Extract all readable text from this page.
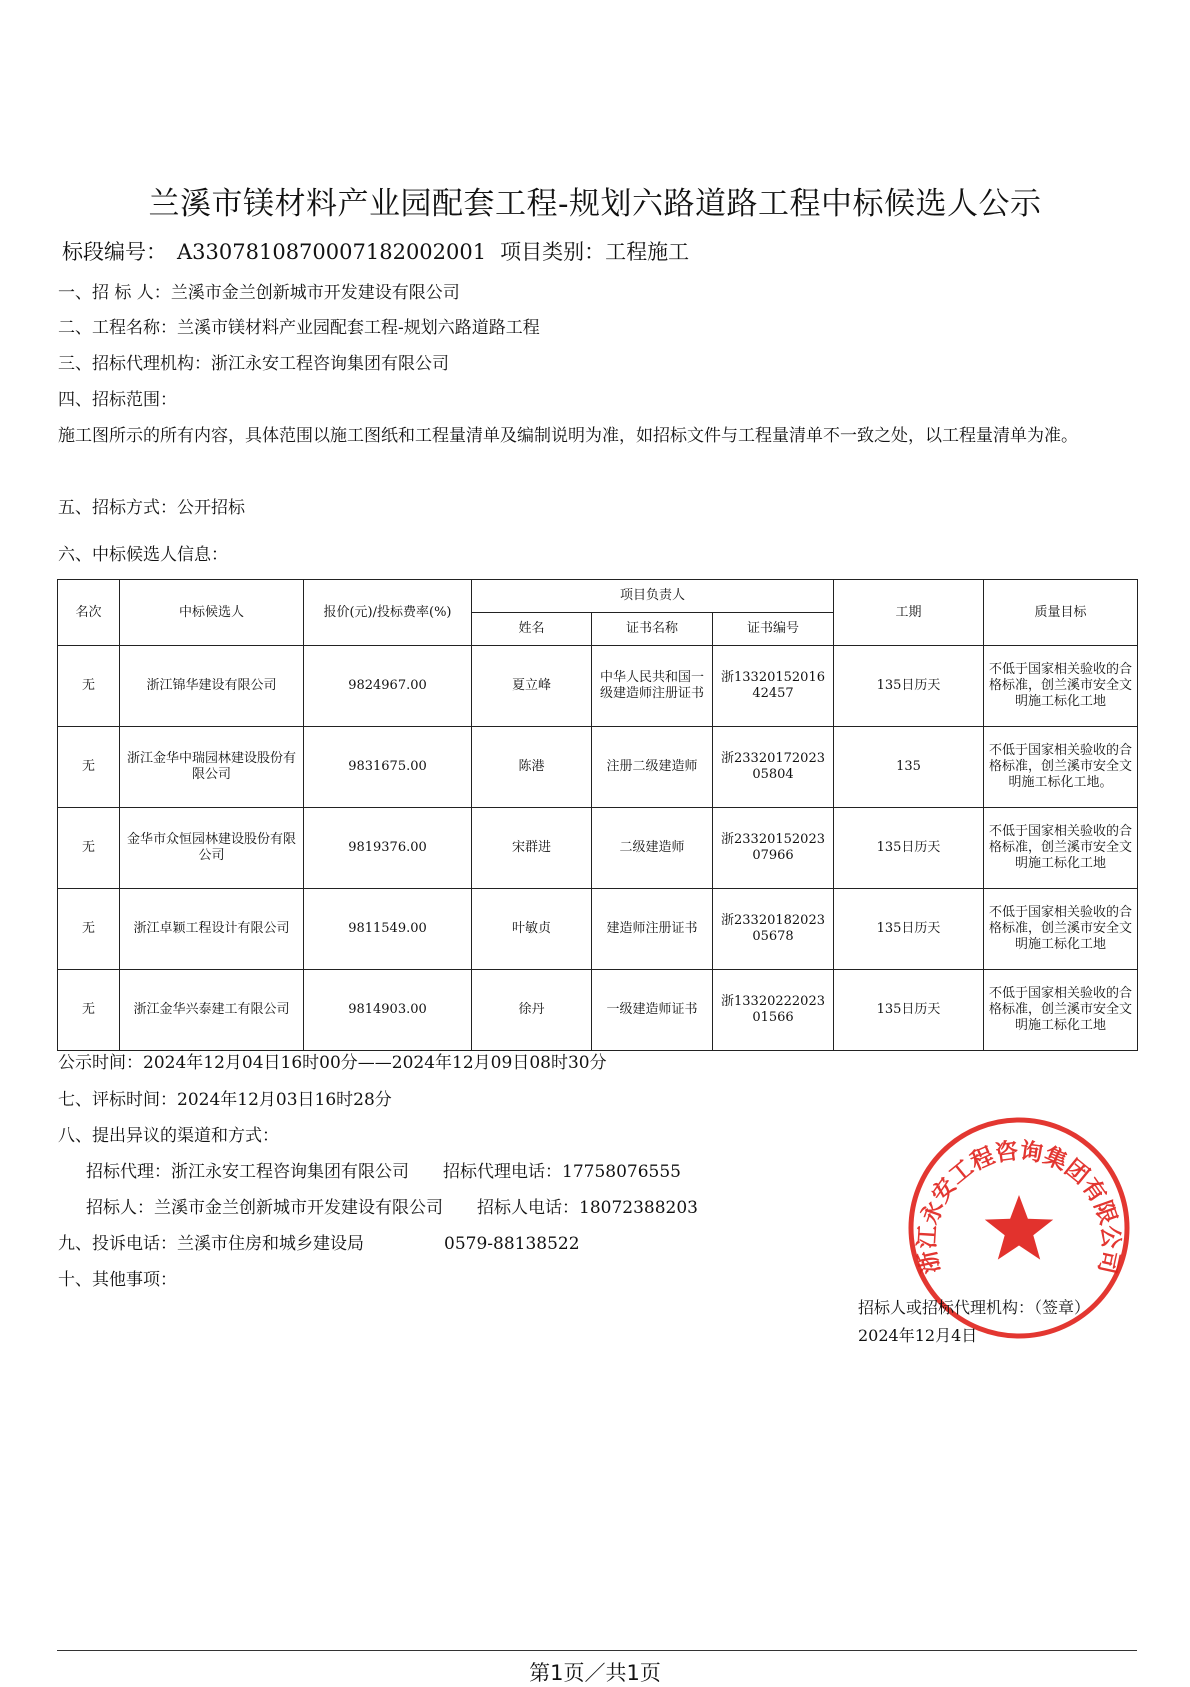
兰溪市镁材料产业园配套工程-规划六路道路工程中标候选人公示
标段编号： A3307810870007182002001 项目类别：工程施工
一、招 标 人：兰溪市金兰创新城市开发建设有限公司
二、工程名称：兰溪市镁材料产业园配套工程-规划六路道路工程
三、招标代理机构：浙江永安工程咨询集团有限公司
四、招标范围：
施工图所示的所有内容，具体范围以施工图纸和工程量清单及编制说明为准，如招标文件与工程量清单不一致之处，以工程量清单为准。
五、招标方式：公开招标
六、中标候选人信息：
名次	中标候选人	报价(元)/投标费率(%)	项目负责人			工期	质量目标
			姓名	证书名称	证书编号		
无	浙江锦华建设有限公司	9824967.00	夏立峰	中华人民共和国一级建造师注册证书	浙1332015201642457	135日历天	不低于国家相关验收的合格标准，创兰溪市安全文明施工标化工地
无	浙江金华中瑞园林建设股份有限公司	9831675.00	陈港	注册二级建造师	浙2332017202305804	135	不低于国家相关验收的合格标准，创兰溪市安全文明施工标化工地。
无	金华市众恒园林建设股份有限公司	9819376.00	宋群进	二级建造师	浙2332015202307966	135日历天	不低于国家相关验收的合格标准，创兰溪市安全文明施工标化工地
无	浙江卓颖工程设计有限公司	9811549.00	叶敏贞	建造师注册证书	浙2332018202305678	135日历天	不低于国家相关验收的合格标准，创兰溪市安全文明施工标化工地
无	浙江金华兴泰建工有限公司	9814903.00	徐丹	一级建造师证书	浙1332022202301566	135日历天	不低于国家相关验收的合格标准，创兰溪市安全文明施工标化工地
公示时间：2024年12月04日16时00分——2024年12月09日08时30分
七、评标时间：2024年12月03日16时28分
八、提出异议的渠道和方式：
招标代理：浙江永安工程咨询集团有限公司 招标代理电话：17758076555
招标人：兰溪市金兰创新城市开发建设有限公司 招标人电话：18072388203
九、投诉电话：兰溪市住房和城乡建设局	0579-88138522
十、其他事项：
浙江永安工程咨询集团有限公司
招标人或招标代理机构：（签章）
2024年12月4日
第1页／共1页
